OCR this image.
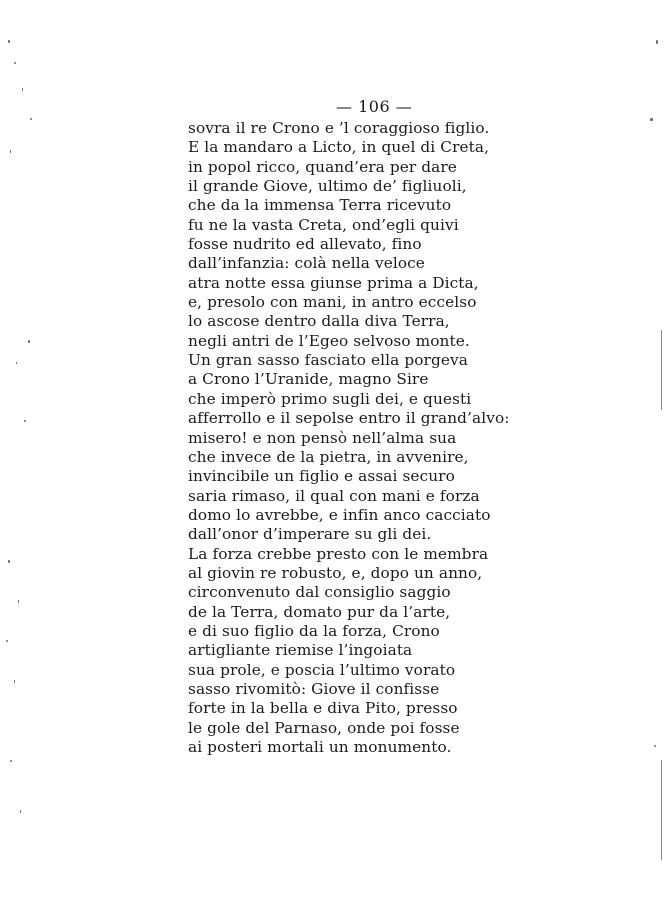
— 106 —
sovra il re Crono e ’l coraggioso figlio.
E la mandaro a Licto, in quel di Creta,
in popol ricco, quand’era per dare
il grande Giove, ultimo de’ figliuoli,
che da la immensa Terra ricevuto
fu ne la vasta Creta, ond’egli quivi
fosse nudrito ed allevato, fino
dall’infanzia: colà nella veloce
atra notte essa giunse prima a Dicta,
e, presolo con mani, in antro eccelso
lo ascose dentro dalla diva Terra,
negli antri de l’Egeo selvoso monte.
Un gran sasso fasciato ella porgeva
a Crono l’Uranide, magno Sire
che imperò primo sugli dei, e questi
afferrollo e il sepolse entro il grand’alvo:
misero! e non pensò nell’alma sua
che invece de la pietra, in avvenire,
invincibile un figlio e assai securo
saria rimaso, il qual con mani e forza
domo lo avrebbe, e infin anco cacciato
dall’onor d’imperare su gli dei.
La forza crebbe presto con le membra
al giovin re robusto, e, dopo un anno,
circonvenuto dal consiglio saggio
de la Terra, domato pur da l’arte,
e di suo figlio da la forza, Crono
artigliante riemise l’ingoiata
sua prole, e poscia l’ultimo vorato
sasso rivomitò: Giove il confisse
forte in la bella e diva Pito, presso
le gole del Parnaso, onde poi fosse
ai posteri mortali un monumento.
